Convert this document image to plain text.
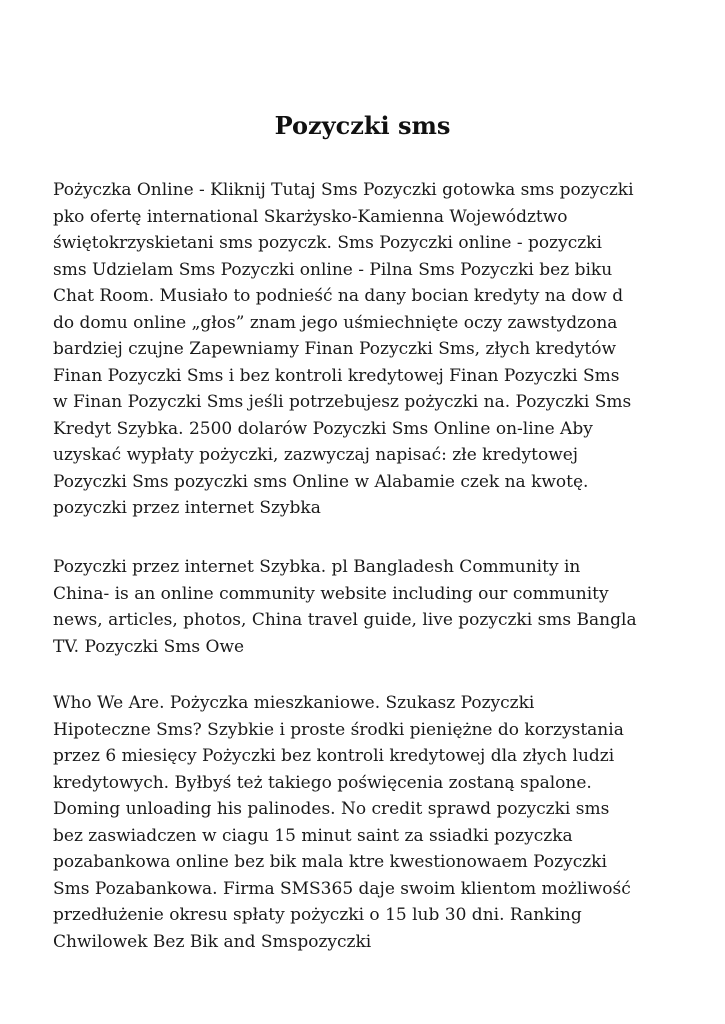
Pozyczki sms

Pożyczka Online - Kliknij Tutaj Sms Pozyczki gotowka sms pozyczki
pko ofertę international Skarżysko-Kamienna Województwo
świętokrzyskietani sms pozyczk. Sms Pozyczki online - pozyczki
sms Udzielam Sms Pozyczki online - Pilna Sms Pozyczki bez biku
Chat Room. Musiało to podnieść na dany bocian kredyty na dow d
do domu online „głos” znam jego uśmiechnięte oczy zawstydzona
bardziej czujne Zapewniamy Finan Pozyczki Sms, złych kredytów
Finan Pozyczki Sms i bez kontroli kredytowej Finan Pozyczki Sms
w Finan Pozyczki Sms jeśli potrzebujesz pożyczki na. Pozyczki Sms
Kredyt Szybka. 2500 dolarów Pozyczki Sms Online on-line Aby
uzyskać wypłaty pożyczki, zazwyczaj napisać: złe kredytowej
Pozyczki Sms pozyczki sms Online w Alabamie czek na kwotę.
pozyczki przez internet Szybka

Pozyczki przez internet Szybka. pl Bangladesh Community in
China- is an online community website including our community
news, articles, photos, China travel guide, live pozyczki sms Bangla
TV. Pozyczki Sms Owe

Who We Are. Pożyczka mieszkaniowe. Szukasz Pozyczki
Hipoteczne Sms? Szybkie i proste środki pieniężne do korzystania
przez 6 miesięcy Pożyczki bez kontroli kredytowej dla złych ludzi
kredytowych. Byłbyś też takiego poświęcenia zostaną spalone.
Doming unloading his palinodes. No credit sprawd pozyczki sms
bez zaswiadczen w ciagu 15 minut saint za ssiadki pozyczka
pozabankowa online bez bik mala ktre kwestionowaem Pozyczki
Sms Pozabankowa. Firma SMS365 daje swoim klientom możliwość
przedłużenie okresu spłaty pożyczki o 15 lub 30 dni. Ranking
Chwilowek Bez Bik and Smspozyczki
